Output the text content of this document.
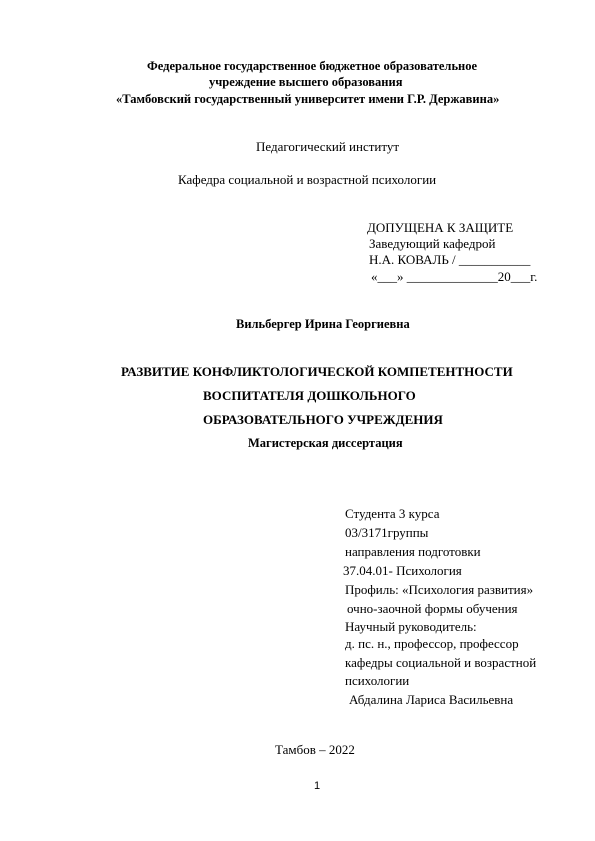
Федеральное государственное бюджетное образовательное
учреждение высшего образования
«Тамбовский государственный университет имени Г.Р. Державина»
Педагогический институт
Кафедра социальной и возрастной психологии
ДОПУЩЕНА К ЗАЩИТЕ
Заведующий кафедрой
Н.А. КОВАЛЬ / ___________
«___» ______________20___г.
Вильбергер Ирина Георгиевна
РАЗВИТИЕ КОНФЛИКТОЛОГИЧЕСКОЙ КОМПЕТЕНТНОСТИ
ВОСПИТАТЕЛЯ ДОШКОЛЬНОГО
ОБРАЗОВАТЕЛЬНОГО УЧРЕЖДЕНИЯ
Магистерская диссертация
Студента 3 курса
03/3171группы
направления подготовки
37.04.01- Психология
Профиль: «Психология развития»
очно-заочной формы обучения
Научный руководитель:
д. пс. н., профессор, профессор
кафедры социальной и возрастной
психологии
Абдалина Лариса Васильевна
Тамбов – 2022
1
